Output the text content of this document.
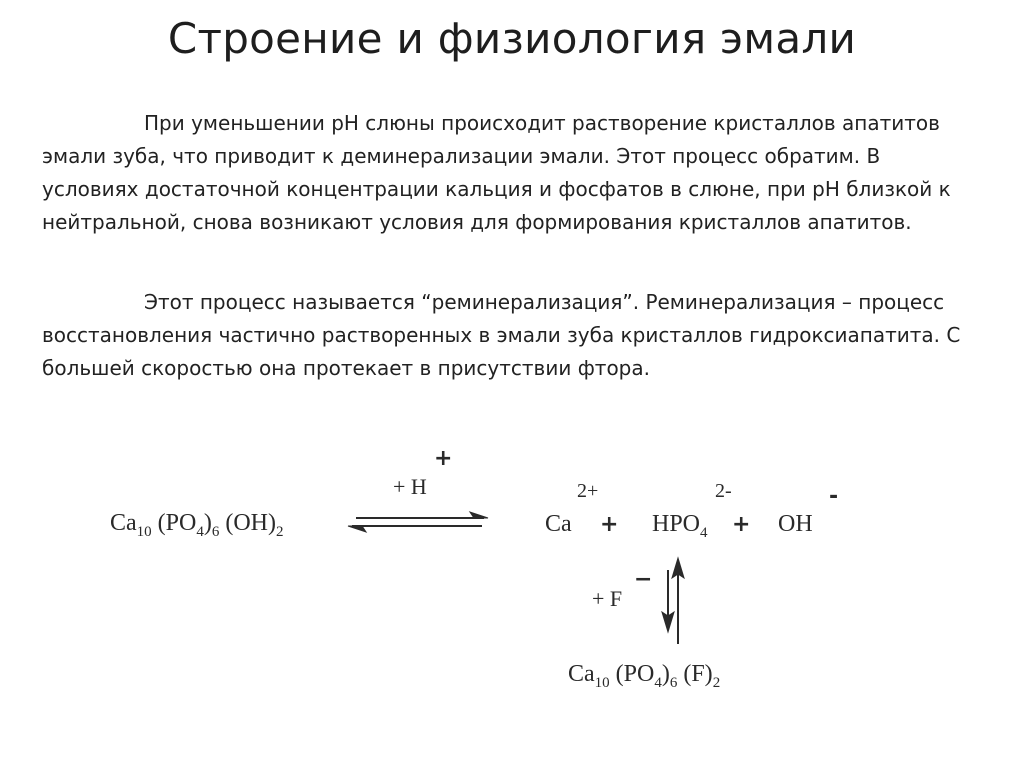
Строение и физиология эмали

При уменьшении рН слюны происходит растворение кристаллов апатитов эмали зуба, что приводит к деминерализации эмали. Этот процесс обратим. В условиях достаточной концентрации кальция и фосфатов в слюне, при рН близкой к нейтральной, снова возникают условия для формирования кристаллов апатитов.

Этот процесс называется “реминерализация”. Реминерализация – процесс восстановления частично растворенных в эмали зуба кристаллов гидроксиапатита. С большей скоростью она протекает в присутствии фтора.

$Ca_{10}$ $(PO_4)_6$ $(OH)_2$
+ H
+
Ca
2+
+ $HPO_4$
2-
+ OH
-
+ F
−
$Ca_{10}$ $(PO_4)_6$ $(F)_2$
